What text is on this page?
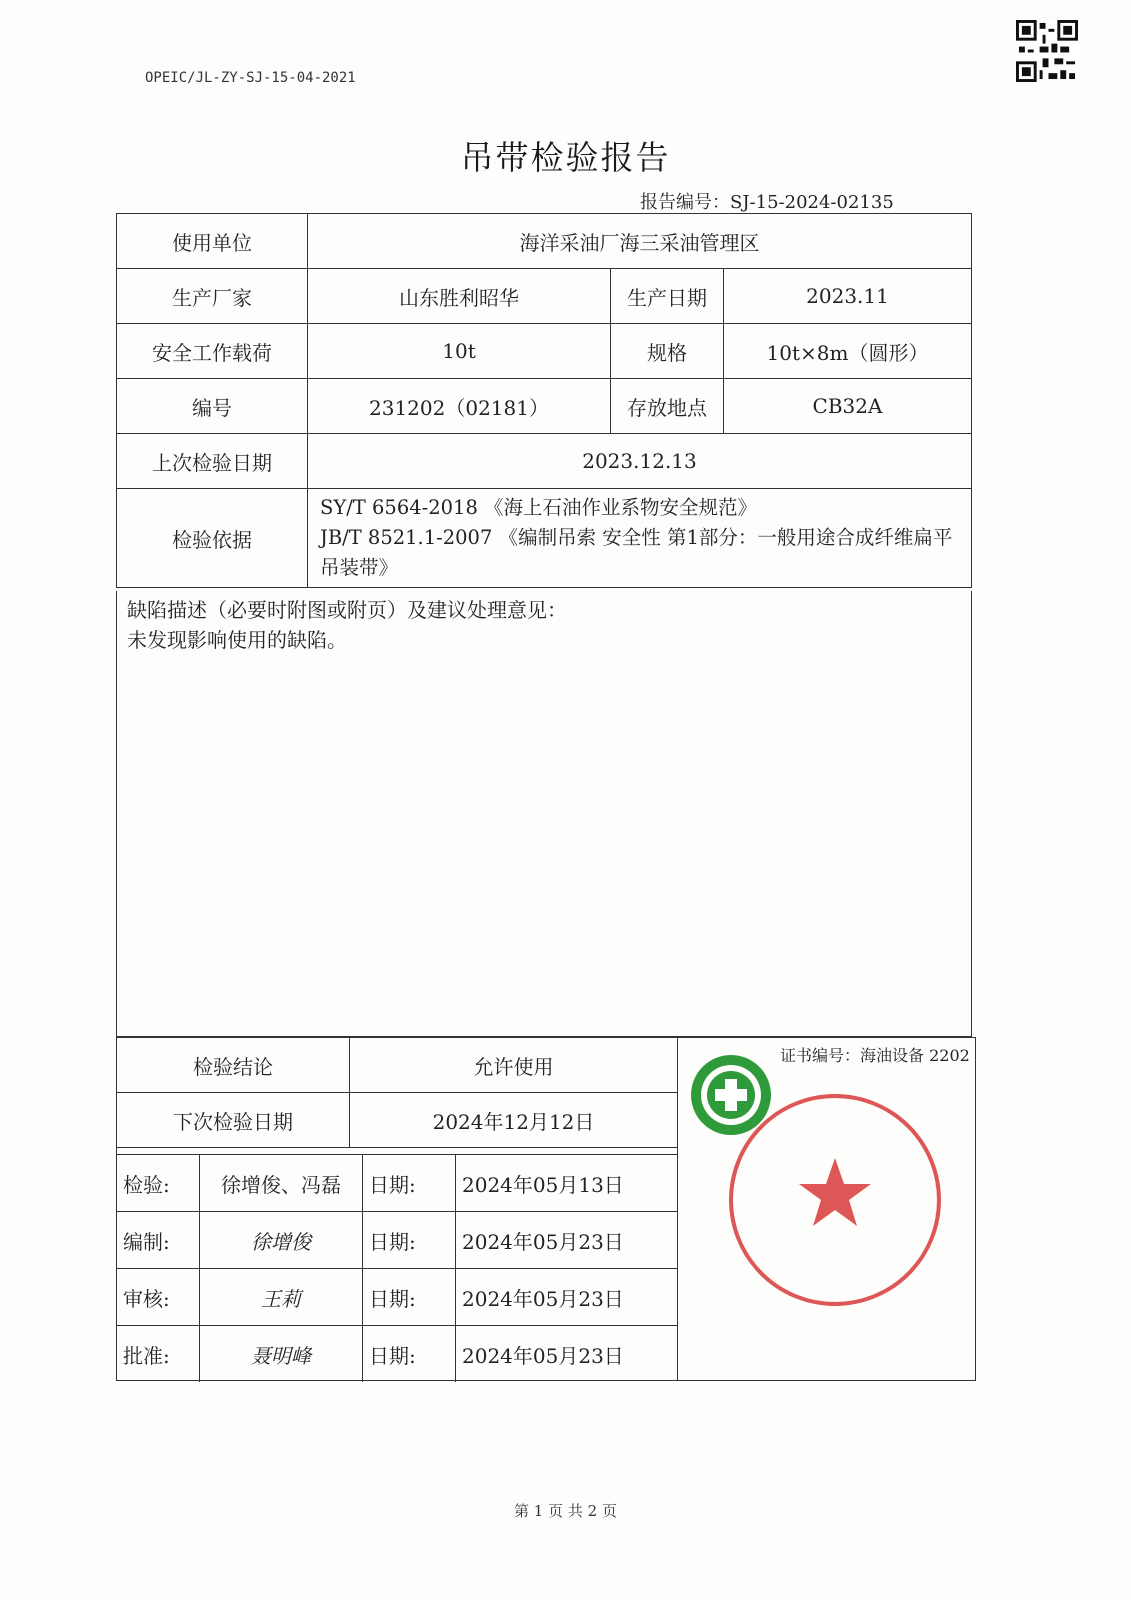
OPEIC/JL-ZY-SJ-15-04-2021
吊带检验报告
报告编号：SJ-15-2024-02135
使用单位	海洋采油厂海三采油管理区		
生产厂家	山东胜利昭华	生产日期	2023.11
安全工作载荷	10t	规格	10t×8m（圆形）
编号	231202（02181）	存放地点	CB32A
上次检验日期	2023.12.13		
检验依据	SY/T 6564-2018 《海上石油作业系物安全规范》
JB/T 8521.1-2007 《编制吊索 安全性 第1部分：一般用途合成纤维扁平吊装带》		
缺陷描述（必要时附图或附页）及建议处理意见：
未发现影响使用的缺陷。
检验结论	允许使用
下次检验日期	2024年12月12日
检验:	徐增俊、冯磊	日期:	2024年05月13日
编制:	徐增俊	日期:	2024年05月23日
审核:	王莉	日期:	2024年05月23日
批准:	聂明峰	日期:	2024年05月23日
证书编号：海油设备 2202
第 1 页 共 2 页
